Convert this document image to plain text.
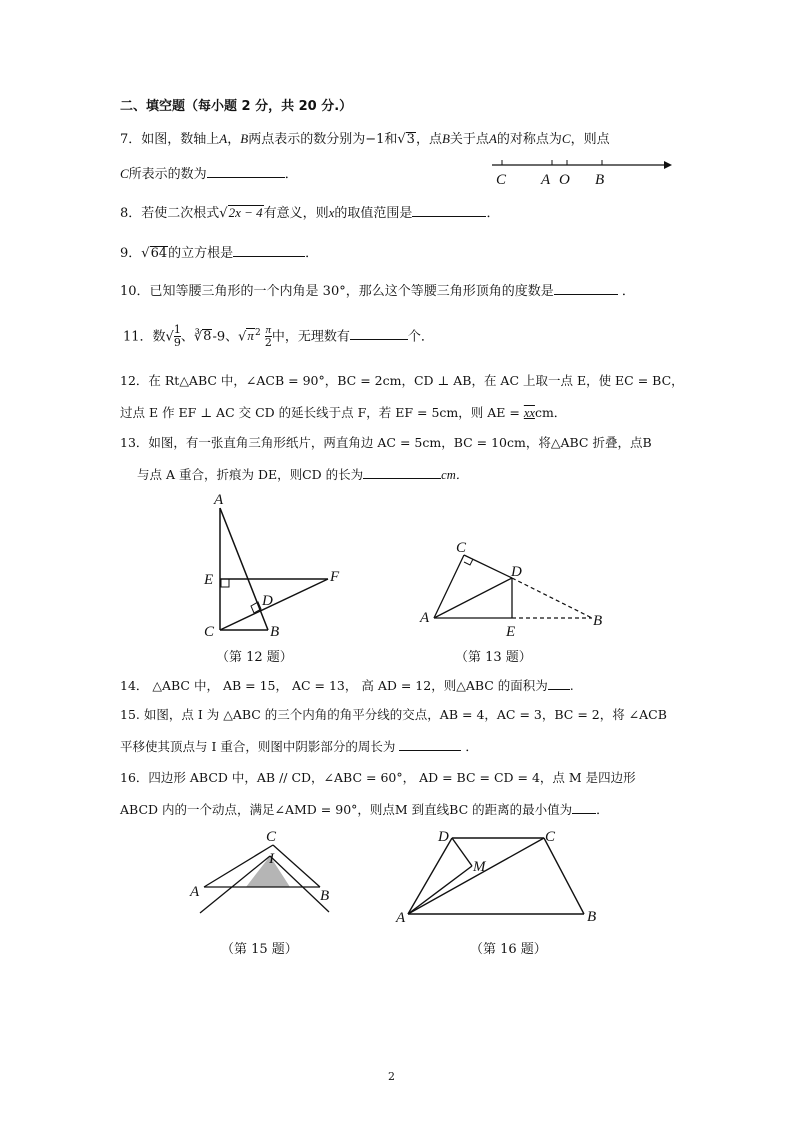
二、填空题（每小题 2 分，共 20 分.）
7．如图，数轴上A，B两点表示的数分别为−1和√3，点B关于点A的对称点为C，则点
C所表示的数为	．	C A O B
8．若使二次根式√2x − 4有意义，则x的取值范围是	．
9．√64的立方根是	．
10．已知等腰三角形的一个内角是 30°，那么这个等腰三角形顶角的度数是	．
11．数√ $\frac{1}{9}$ 、∛8-9、$√\pi^2 \frac{\pi}{2}$ 中，无理数有	个．
12．在 Rt△ABC 中，∠ACB = 90°，BC = 2cm，CD ⊥ AB，在 AC 上取一点 E，使 EC = BC，
过点 E 作 EF ⊥ AC 交 CD 的延长线于点 F，若 EF = 5cm，则 AE = xxcm．
13．如图，有一张直角三角形纸片，两直角边 AC = 5cm，BC = 10cm，将△ABC 折叠，点B
与点 A 重合，折痕为 DE，则CD 的长为	cm．
A
E	F
D
C	B
（第 12 题）
C
D
A
E
B
（第 13 题）
14． △ABC 中， AB = 15， AC = 13， 高 AD = 12，则△ABC 的面积为 .
15. 如图，点 I 为 △ABC 的三个内角的角平分线的交点，AB = 4，AC = 3，BC = 2，将 ∠ACB
平移使其顶点与 I 重合，则图中阴影部分的周长为	．
16．四边形 ABCD 中，AB // CD，∠ABC = 60°， AD = BC = CD = 4，点 M 是四边形
ABCD 内的一个动点，满足∠AMD = 90°，则点M 到直线BC 的距离的最小值为 ．
C
I
A	B
（第 15 题）
D	C
M
A	B
（第 16 题）
2
